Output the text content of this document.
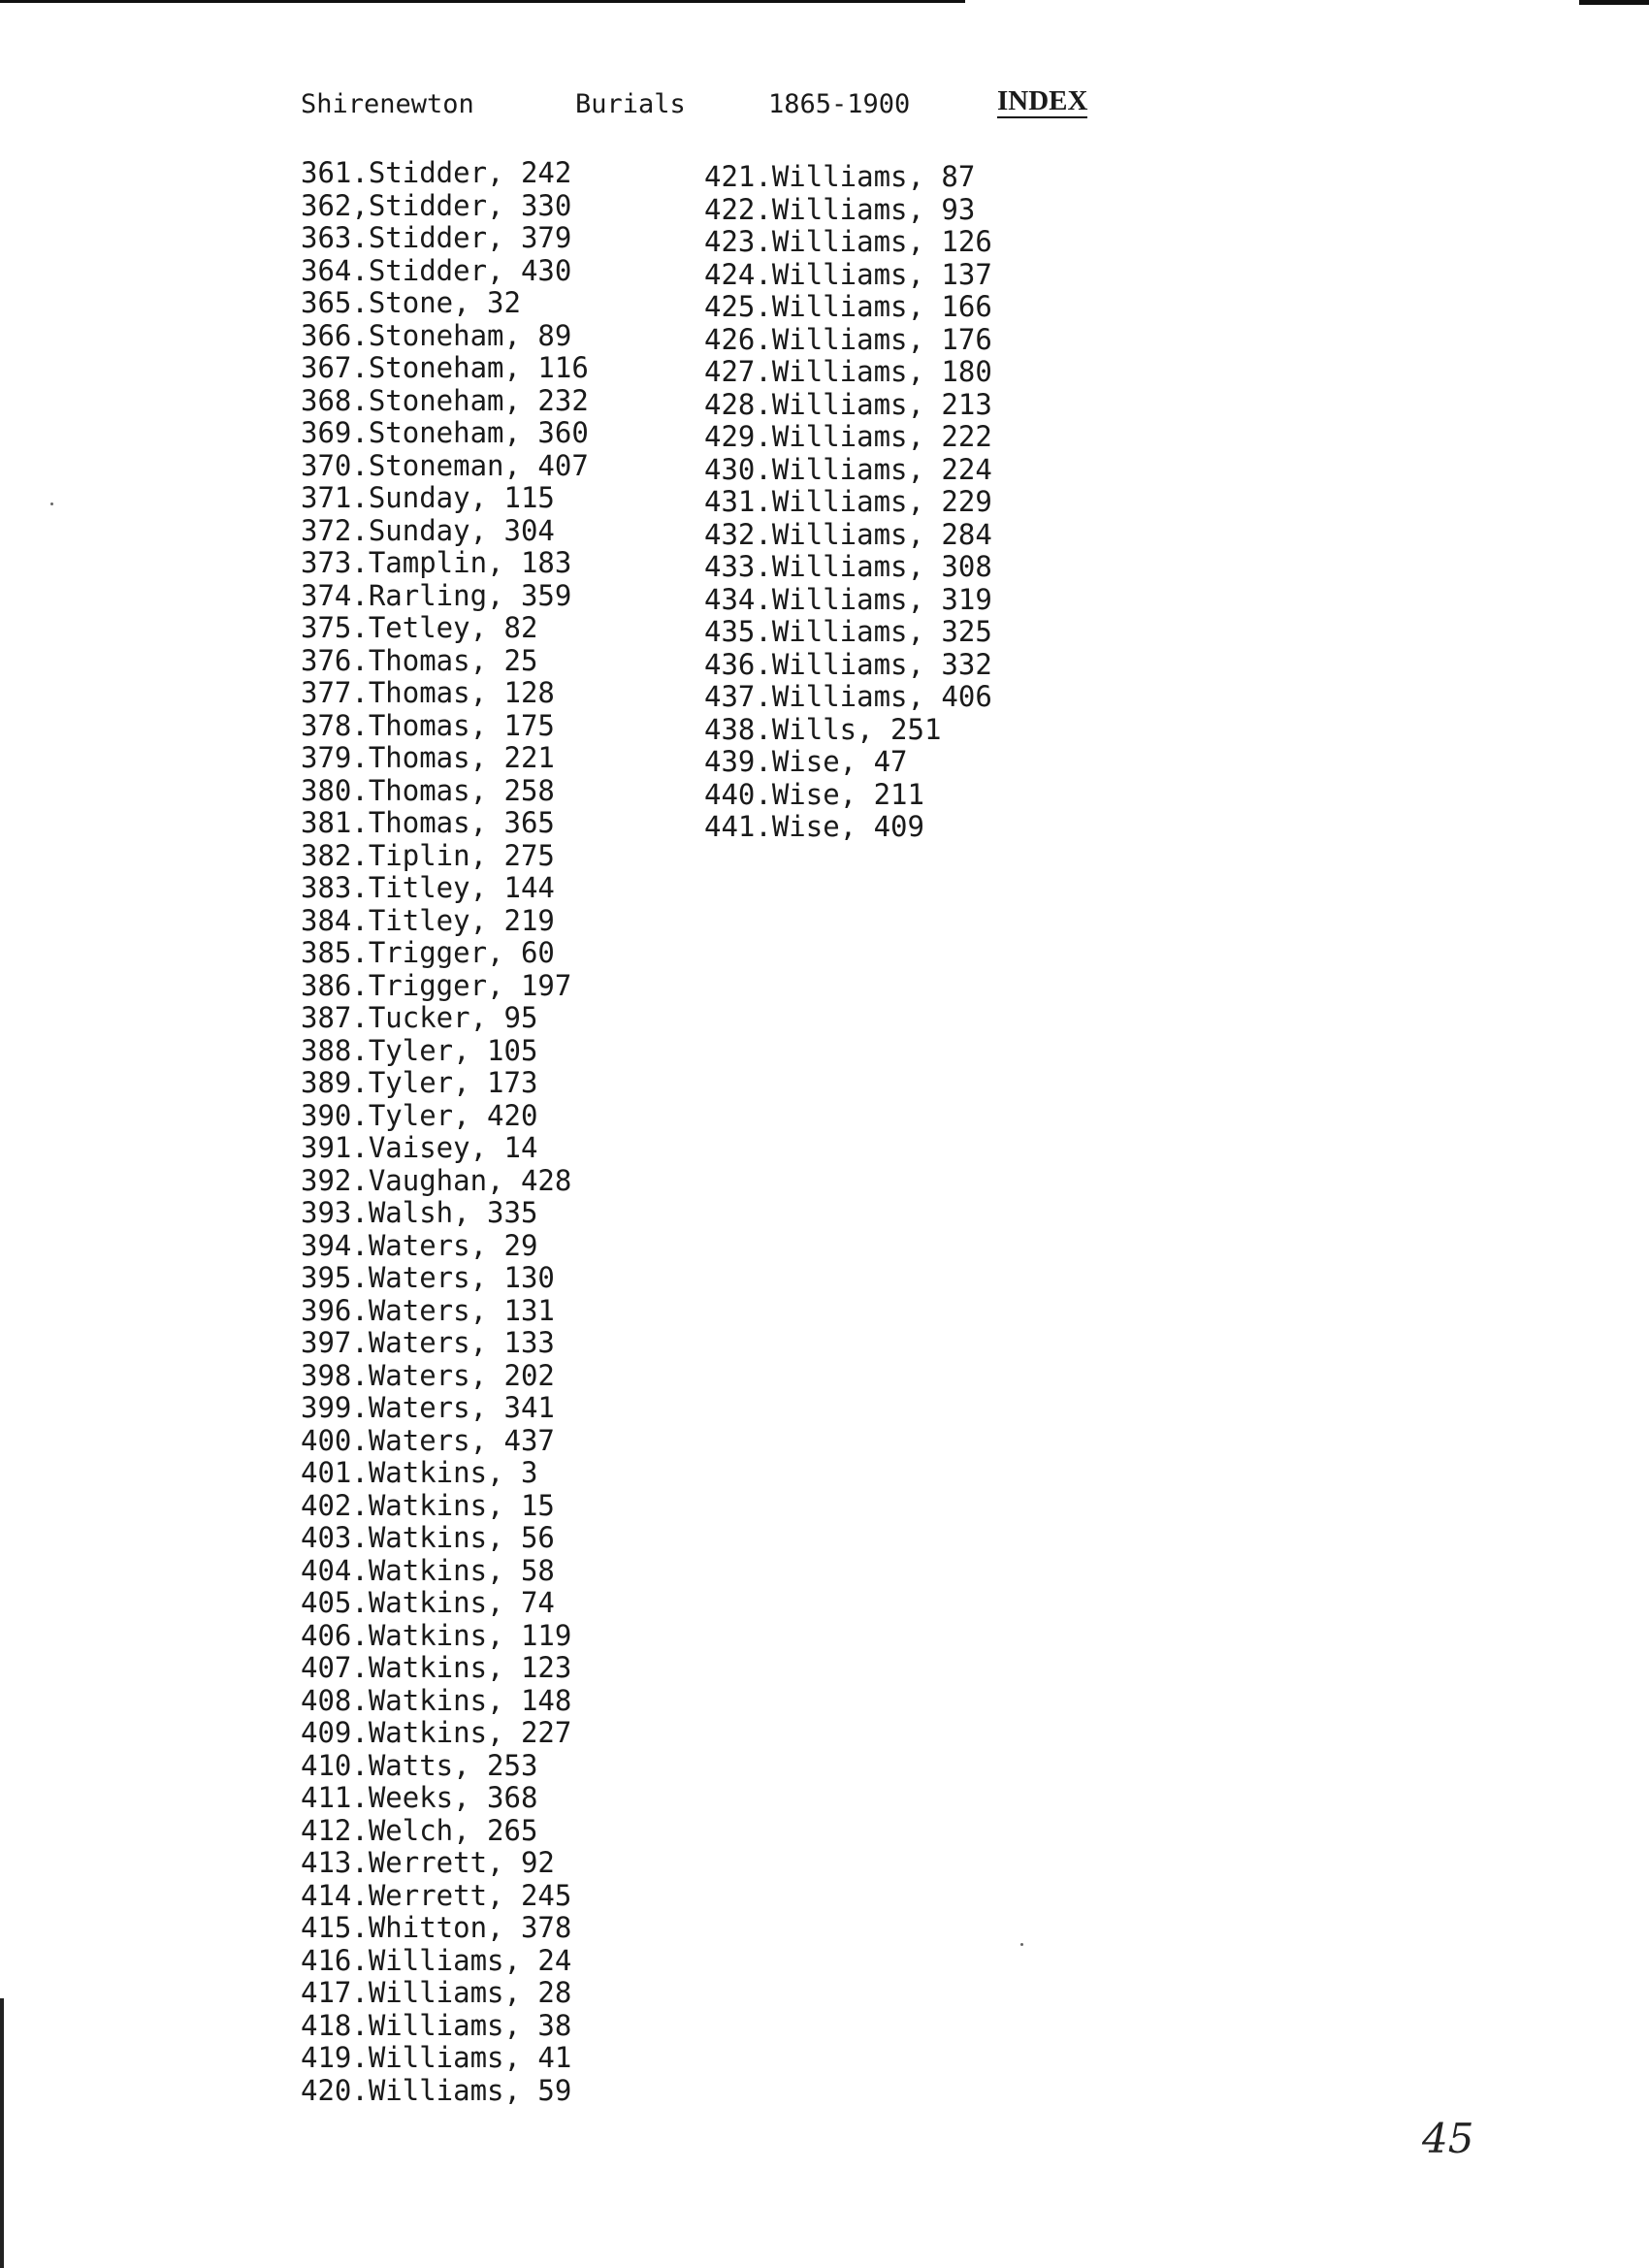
Shirenewton	Burials	1865-1900	INDEX
361.Stidder, 242
362,Stidder, 330
363.Stidder, 379
364.Stidder, 430
365.Stone, 32
366.Stoneham, 89
367.Stoneham, 116
368.Stoneham, 232
369.Stoneham, 360
370.Stoneman, 407
371.Sunday, 115
372.Sunday, 304
373.Tamplin, 183
374.Rarling, 359
375.Tetley, 82
376.Thomas, 25
377.Thomas, 128
378.Thomas, 175
379.Thomas, 221
380.Thomas, 258
381.Thomas, 365
382.Tiplin, 275
383.Titley, 144
384.Titley, 219
385.Trigger, 60
386.Trigger, 197
387.Tucker, 95
388.Tyler, 105
389.Tyler, 173
390.Tyler, 420
391.Vaisey, 14
392.Vaughan, 428
393.Walsh, 335
394.Waters, 29
395.Waters, 130
396.Waters, 131
397.Waters, 133
398.Waters, 202
399.Waters, 341
400.Waters, 437
401.Watkins, 3
402.Watkins, 15
403.Watkins, 56
404.Watkins, 58
405.Watkins, 74
406.Watkins, 119
407.Watkins, 123
408.Watkins, 148
409.Watkins, 227
410.Watts, 253
411.Weeks, 368
412.Welch, 265
413.Werrett, 92
414.Werrett, 245
415.Whitton, 378
416.Williams, 24
417.Williams, 28
418.Williams, 38
419.Williams, 41
420.Williams, 59
421.Williams, 87
422.Williams, 93
423.Williams, 126
424.Williams, 137
425.Williams, 166
426.Williams, 176
427.Williams, 180
428.Williams, 213
429.Williams, 222
430.Williams, 224
431.Williams, 229
432.Williams, 284
433.Williams, 308
434.Williams, 319
435.Williams, 325
436.Williams, 332
437.Williams, 406
438.Wills, 251
439.Wise, 47
440.Wise, 211
441.Wise, 409
45
